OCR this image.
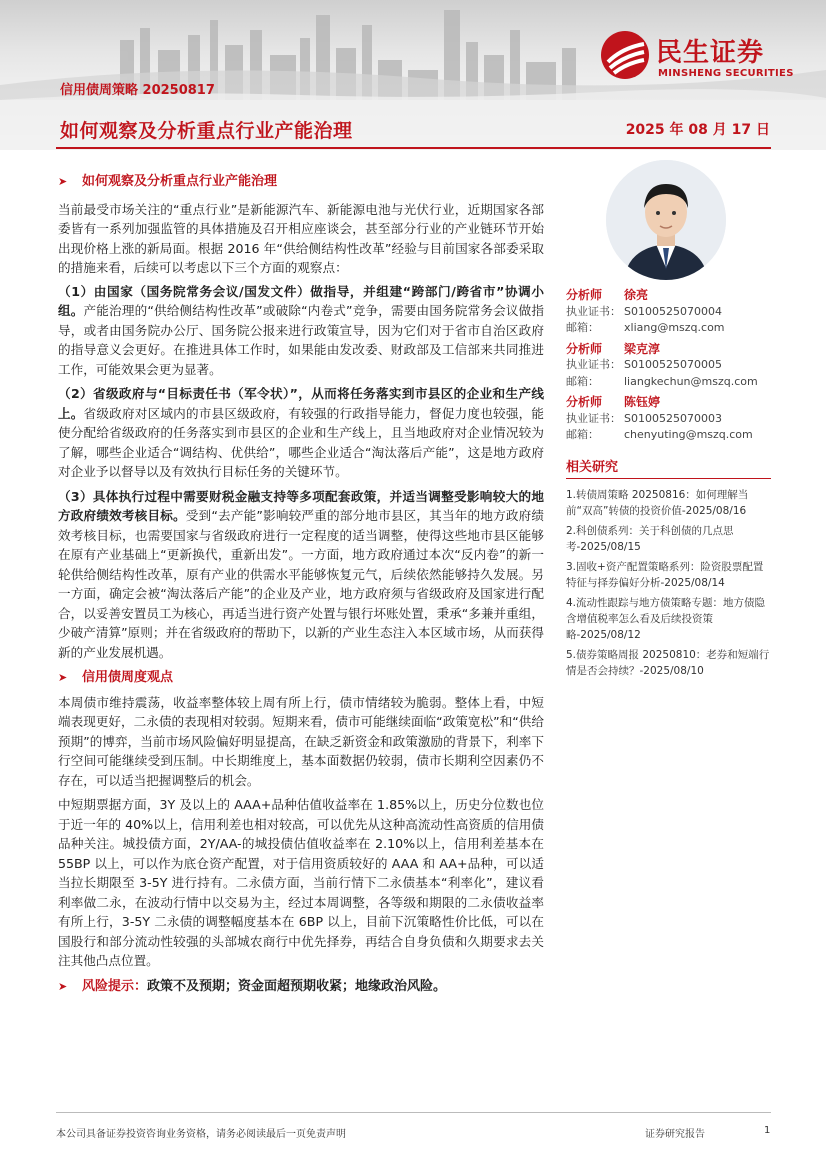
信用债周策略 20250817
如何观察及分析重点行业产能治理	2025 年 08 月 17 日
民生证券
MINSHENG SECURITIES
➤	如何观察及分析重点行业产能治理
当前最受市场关注的“重点行业”是新能源汽车、新能源电池与光伏行业，近期国家各部委皆有一系列加强监管的具体措施及召开相应座谈会，甚至部分行业的产业链环节开始出现价格上涨的新局面。根据 2016 年“供给侧结构性改革”经验与目前国家各部委采取的措施来看，后续可以考虑以下三个方面的观察点：
（1）由国家（国务院常务会议/国发文件）做指导，并组建“跨部门/跨省市”协调小组。产能治理的“供给侧结构性改革”或破除“内卷式”竞争，需要由国务院常务会议做指导，或者由国务院办公厅、国务院公报来进行政策宣导，因为它们对于省市自治区政府的指导意义会更好。在推进具体工作时，如果能由发改委、财政部及工信部来共同推进工作，可能效果会更为显著。
（2）省级政府与“目标责任书（军令状）”，从而将任务落实到市县区的企业和生产线上。省级政府对区域内的市县区级政府，有较强的行政指导能力，督促力度也较强，能使分配给省级政府的任务落实到市县区的企业和生产线上，且当地政府对企业情况较为了解，哪些企业适合“调结构、优供给”，哪些企业适合“淘汰落后产能”，这是地方政府对企业予以督导以及有效执行目标任务的关键环节。
（3）具体执行过程中需要财税金融支持等多项配套政策，并适当调整受影响较大的地方政府绩效考核目标。受到“去产能”影响较严重的部分地市县区，其当年的地方政府绩效考核目标，也需要国家与省级政府进行一定程度的适当调整，使得这些地市县区能够在原有产业基础上“更新换代，重新出发”。一方面，地方政府通过本次“反内卷”的新一轮供给侧结构性改革，原有产业的供需水平能够恢复元气，后续依然能够持久发展。另一方面，确定会被“淘汰落后产能”的企业及产业，地方政府须与省级政府及国家进行配合，以妥善安置员工为核心，再适当进行资产处置与银行坏账处置，秉承“多兼并重组，少破产清算”原则；并在省级政府的帮助下，以新的产业生态注入本区域市场，从而获得新的产业发展机遇。
➤	信用债周度观点
本周债市维持震荡，收益率整体较上周有所上行，债市情绪较为脆弱。整体上看，中短端表现更好，二永债的表现相对较弱。短期来看，债市可能继续面临“政策宽松”和“供给预期”的博弈，当前市场风险偏好明显提高，在缺乏新资金和政策激励的背景下，利率下行空间可能继续受到压制。中长期维度上，基本面数据仍较弱，债市长期利空因素仍不存在，可以适当把握调整后的机会。
中短期票据方面，3Y 及以上的 AAA+品种估值收益率在 1.85%以上，历史分位数也位于近一年的 40%以上，信用利差也相对较高，可以优先从这种高流动性高资质的信用债品种关注。城投债方面，2Y/AA-的城投债估值收益率在 2.10%以上，信用利差基本在 55BP 以上，可以作为底仓资产配置，对于信用资质较好的 AAA 和 AA+品种，可以适当拉长期限至 3-5Y 进行持有。二永债方面，当前行情下二永债基本“利率化”，建议看利率做二永，在波动行情中以交易为主，经过本周调整，各等级和期限的二永债收益率有所上行，3-5Y 二永债的调整幅度基本在 6BP 以上，目前下沉策略性价比低，可以在国股行和部分流动性较强的头部城农商行中优先择券，再结合自身负债和久期要求去关注其他凸点位置。
➤	风险提示： 政策不及预期；资金面超预期收紧；地缘政治风险。
分析师	徐亮
执业证书： S0100525070004
邮箱：	xliang@mszq.com
分析师	梁克淳
执业证书： S0100525070005
邮箱：	liangkechun@mszq.com
分析师	陈钰婷
执业证书： S0100525070003
邮箱：	chenyuting@mszq.com
相关研究
1.转债周策略 20250816：如何理解当前“双高”转债的投资价值-2025/08/16
2.科创债系列：关于科创债的几点思考-2025/08/15
3.固收+资产配置策略系列：险资股票配置特征与择券偏好分析-2025/08/14
4.流动性跟踪与地方债策略专题：地方债隐含增值税率怎么看及后续投资策略-2025/08/12
5.债券策略周报 20250810：老券和短端行情是否会持续？-2025/08/10
本公司具备证券投资咨询业务资格，请务必阅读最后一页免责声明	证券研究报告	1
